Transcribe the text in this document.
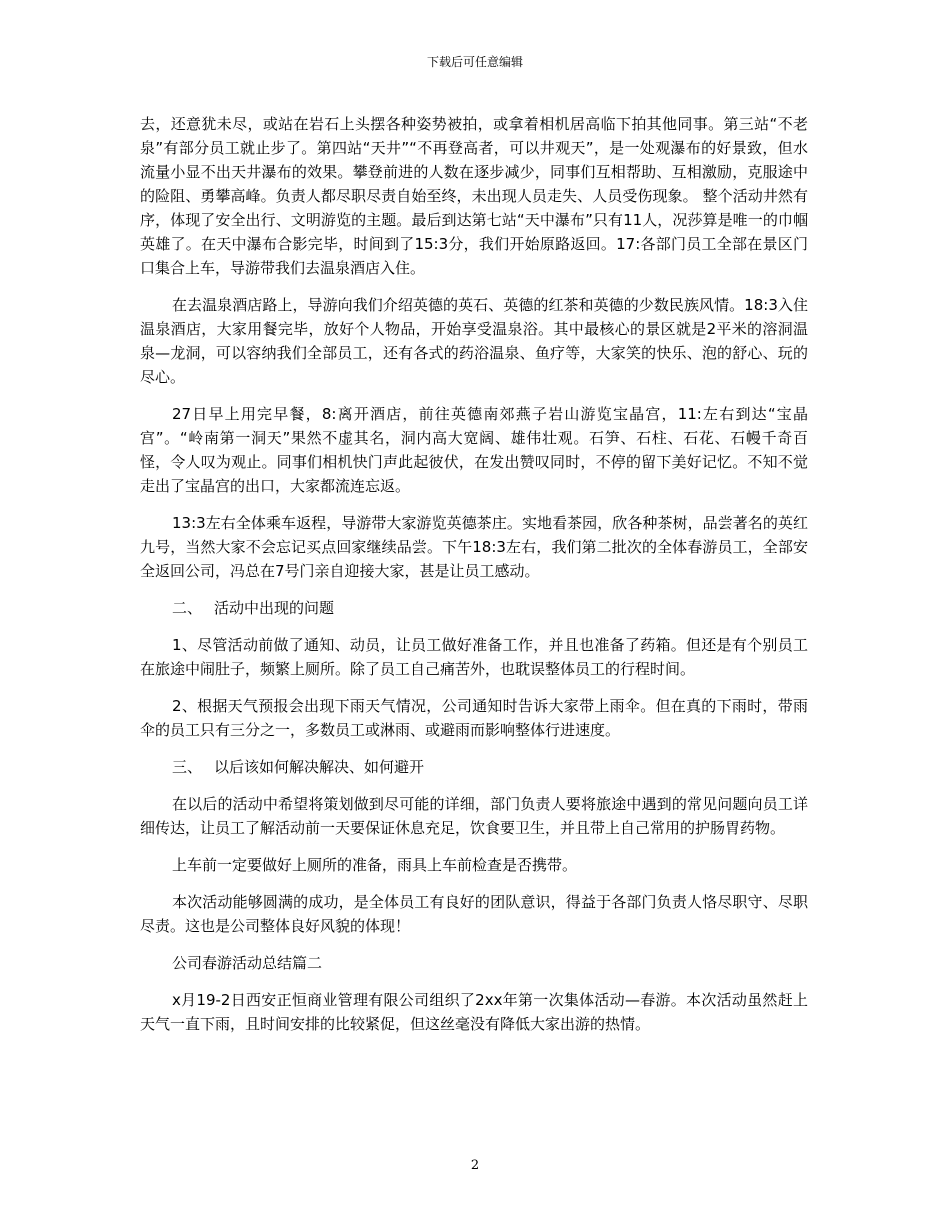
下载后可任意编辑

去，还意犹未尽，或站在岩石上头摆各种姿势被拍，或拿着相机居高临下拍其他同事。第三站“不老泉”有部分员工就止步了。第四站“天井”“不再登高者，可以井观天”，是一处观瀑布的好景致，但水流量小显不出天井瀑布的效果。攀登前进的人数在逐步减少，同事们互相帮助、互相激励，克服途中的险阻、勇攀高峰。负责人都尽职尽责自始至终，未出现人员走失、人员受伤现象。 整个活动井然有序，体现了安全出行、文明游览的主题。最后到达第七站“天中瀑布”只有11人，况莎算是唯一的巾帼英雄了。在天中瀑布合影完毕，时间到了15:3分，我们开始原路返回。17:各部门员工全部在景区门口集合上车，导游带我们去温泉酒店入住。

在去温泉酒店路上，导游向我们介绍英德的英石、英德的红茶和英德的少数民族风情。18:3入住温泉酒店，大家用餐完毕，放好个人物品，开始享受温泉浴。其中最核心的景区就是2平米的溶洞温泉—龙洞，可以容纳我们全部员工，还有各式的药浴温泉、鱼疗等，大家笑的快乐、泡的舒心、玩的尽心。

27日早上用完早餐，8:离开酒店，前往英德南郊燕子岩山游览宝晶宫，11:左右到达“宝晶宫”。“岭南第一洞天”果然不虚其名，洞内高大宽阔、雄伟壮观。石笋、石柱、石花、石幔千奇百怪，令人叹为观止。同事们相机快门声此起彼伏，在发出赞叹同时，不停的留下美好记忆。不知不觉走出了宝晶宫的出口，大家都流连忘返。

13:3左右全体乘车返程，导游带大家游览英德茶庄。实地看茶园，欣各种茶树，品尝著名的英红九号，当然大家不会忘记买点回家继续品尝。下午18:3左右，我们第二批次的全体春游员工，全部安全返回公司，冯总在7号门亲自迎接大家，甚是让员工感动。

二、 活动中出现的问题

1、尽管活动前做了通知、动员，让员工做好准备工作，并且也准备了药箱。但还是有个别员工在旅途中闹肚子，频繁上厕所。除了员工自己痛苦外，也耽误整体员工的行程时间。

2、根据天气预报会出现下雨天气情况，公司通知时告诉大家带上雨伞。但在真的下雨时，带雨伞的员工只有三分之一，多数员工或淋雨、或避雨而影响整体行进速度。

三、 以后该如何解决解决、如何避开

在以后的活动中希望将策划做到尽可能的详细，部门负责人要将旅途中遇到的常见问题向员工详细传达，让员工了解活动前一天要保证休息充足，饮食要卫生，并且带上自己常用的护肠胃药物。

上车前一定要做好上厕所的准备，雨具上车前检查是否携带。

本次活动能够圆满的成功，是全体员工有良好的团队意识，得益于各部门负责人恪尽职守、尽职尽责。这也是公司整体良好风貌的体现！

公司春游活动总结篇二

x月19-2日西安正恒商业管理有限公司组织了2xx年第一次集体活动—春游。本次活动虽然赶上天气一直下雨，且时间安排的比较紧促，但这丝毫没有降低大家出游的热情。

2
